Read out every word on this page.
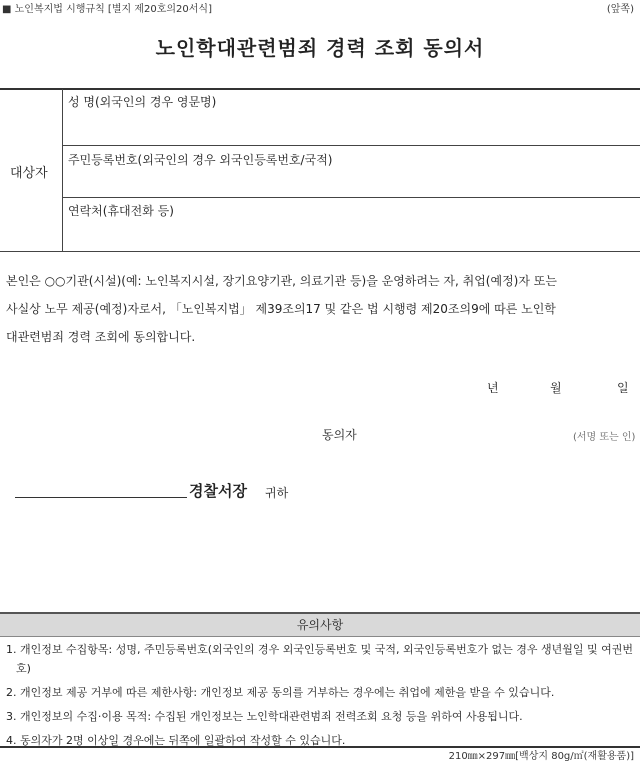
■ 노인복지법 시행규칙 [별지 제20호의20서식]	(앞쪽)
노인학대관련범죄 경력 조회 동의서
대상자
성 명(외국인의 경우 영문명)
주민등록번호(외국인의 경우 외국인등록번호/국적)
연락처(휴대전화 등)
본인은 ○○기관(시설)(예: 노인복지시설, 장기요양기관, 의료기관 등)을 운영하려는 자, 취업(예정)자 또는
사실상 노무 제공(예정)자로서, 「노인복지법」 제39조의17 및 같은 법 시행령 제20조의9에 따른 노인학
대관련범죄 경력 조회에 동의합니다.
년	월	일
동의자	(서명 또는 인)
경찰서장 귀하
유의사항
1. 개인정보 수집항목: 성명, 주민등록번호(외국인의 경우 외국인등록번호 및 국적, 외국인등록번호가 없는 경우 생년월일 및 여권번
호)
2. 개인정보 제공 거부에 따른 제한사항: 개인정보 제공 동의를 거부하는 경우에는 취업에 제한을 받을 수 있습니다.
3. 개인정보의 수집·이용 목적: 수집된 개인정보는 노인학대관련범죄 전력조회 요청 등을 위하여 사용됩니다.
4. 동의자가 2명 이상일 경우에는 뒤쪽에 일괄하여 작성할 수 있습니다.
210㎜×297㎜[백상지 80g/㎡(재활용품)]
